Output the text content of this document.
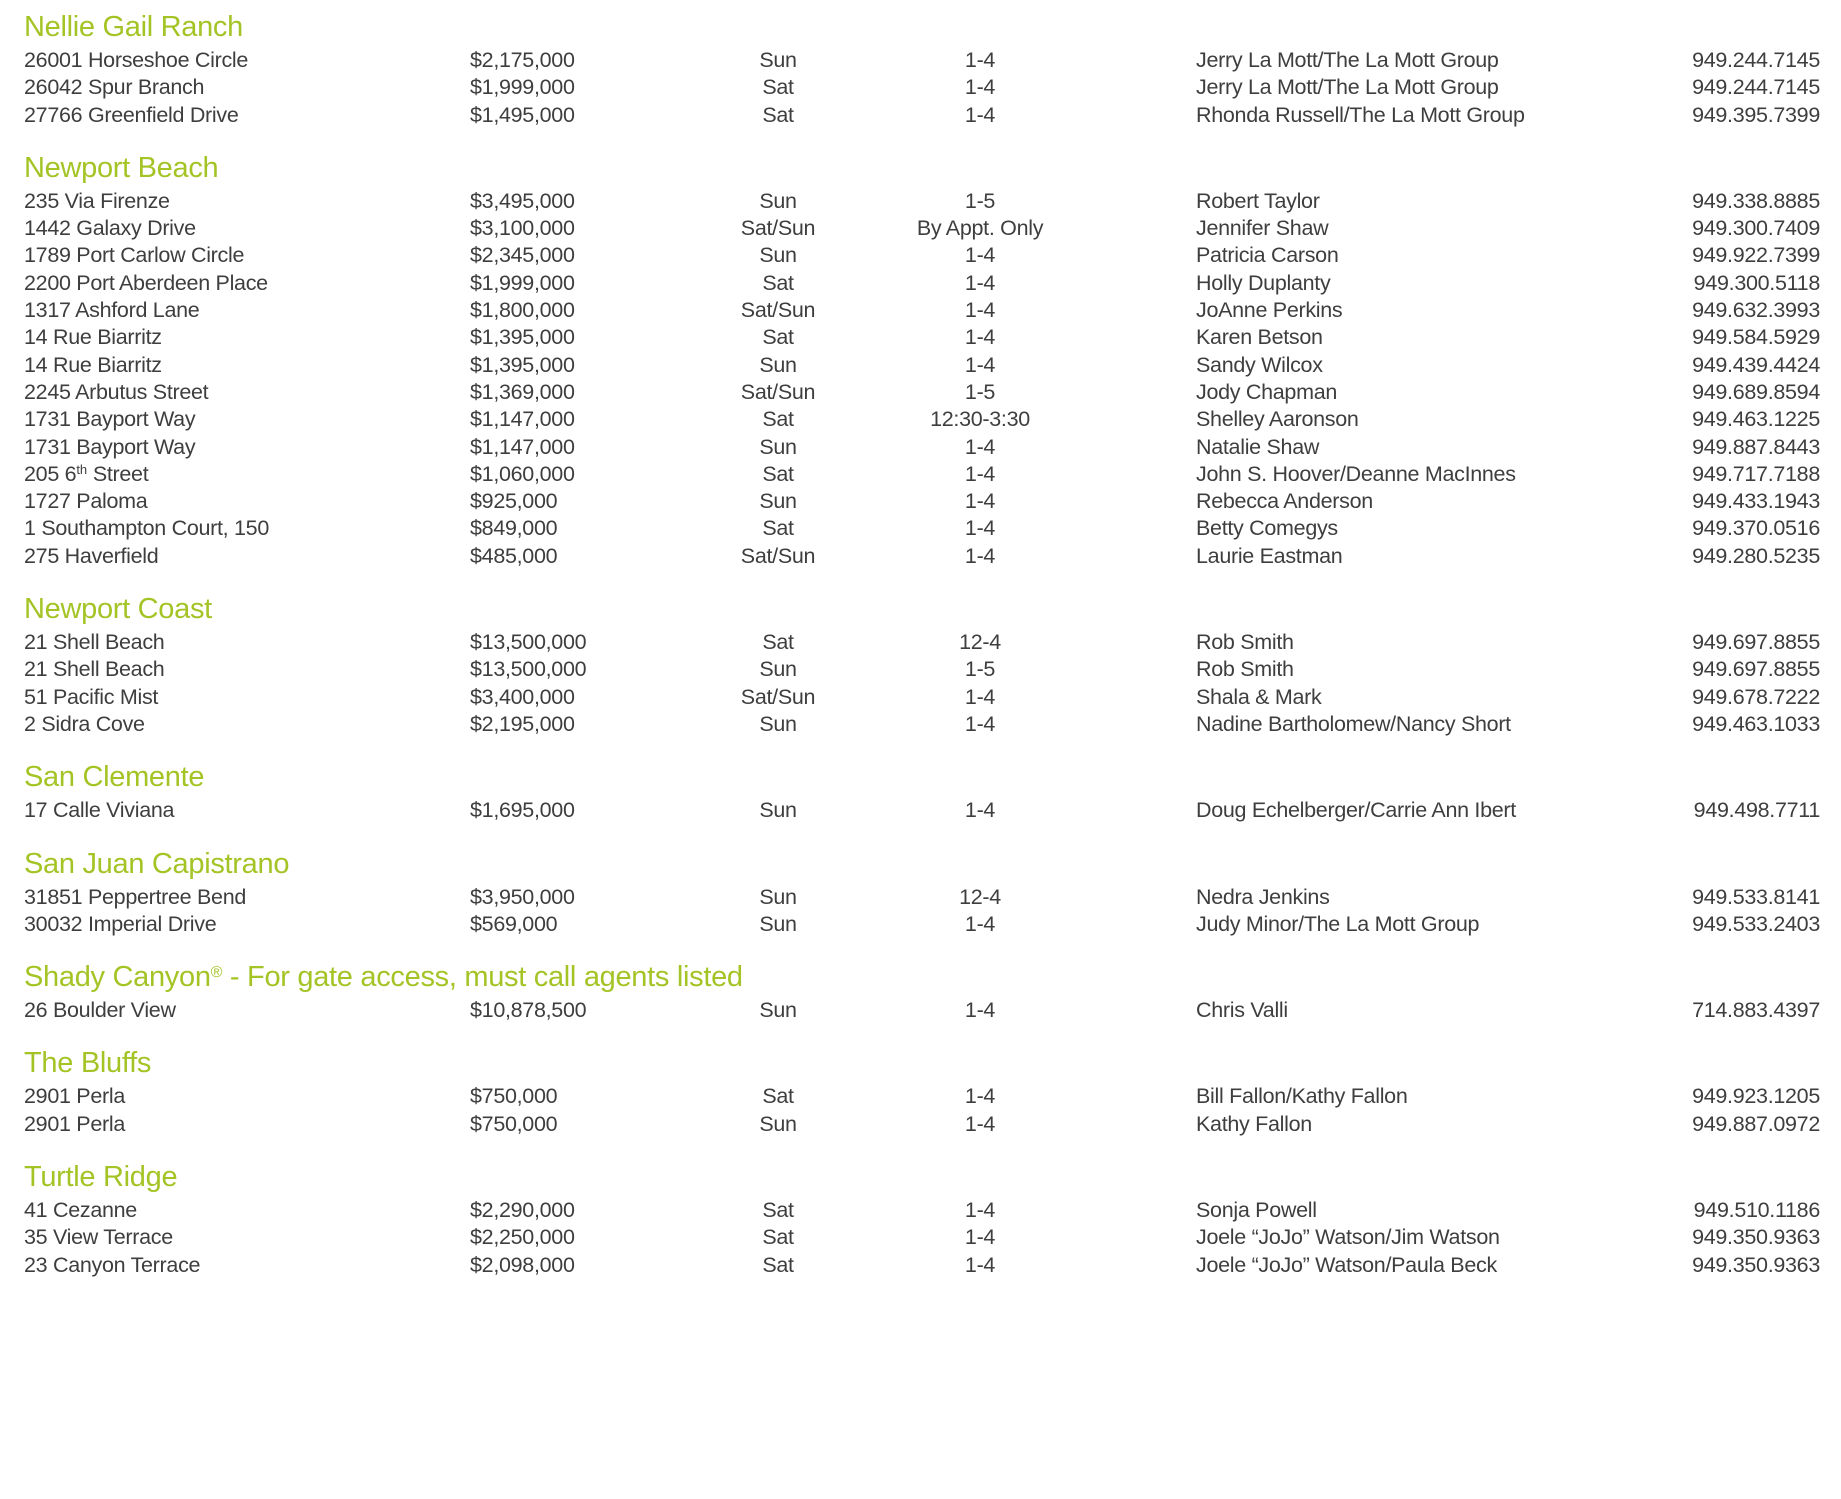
Nellie Gail Ranch
26001 Horseshoe Circle	$2,175,000	Sun	1-4	Jerry La Mott/The La Mott Group	949.244.7145
26042 Spur Branch	$1,999,000	Sat	1-4	Jerry La Mott/The La Mott Group	949.244.7145
27766 Greenfield Drive	$1,495,000	Sat	1-4	Rhonda Russell/The La Mott Group	949.395.7399
Newport Beach
235 Via Firenze	$3,495,000	Sun	1-5	Robert Taylor	949.338.8885
1442 Galaxy Drive	$3,100,000	Sat/Sun	By Appt. Only	Jennifer Shaw	949.300.7409
1789 Port Carlow Circle	$2,345,000	Sun	1-4	Patricia Carson	949.922.7399
2200 Port Aberdeen Place	$1,999,000	Sat	1-4	Holly Duplanty	949.300.5118
1317 Ashford Lane	$1,800,000	Sat/Sun	1-4	JoAnne Perkins	949.632.3993
14 Rue Biarritz	$1,395,000	Sat	1-4	Karen Betson	949.584.5929
14 Rue Biarritz	$1,395,000	Sun	1-4	Sandy Wilcox	949.439.4424
2245 Arbutus Street	$1,369,000	Sat/Sun	1-5	Jody Chapman	949.689.8594
1731 Bayport Way	$1,147,000	Sat	12:30-3:30	Shelley Aaronson	949.463.1225
1731 Bayport Way	$1,147,000	Sun	1-4	Natalie Shaw	949.887.8443
205 6th Street	$1,060,000	Sat	1-4	John S. Hoover/Deanne MacInnes	949.717.7188
1727 Paloma	$925,000	Sun	1-4	Rebecca Anderson	949.433.1943
1 Southampton Court, 150	$849,000	Sat	1-4	Betty Comegys	949.370.0516
275 Haverfield	$485,000	Sat/Sun	1-4	Laurie Eastman	949.280.5235
Newport Coast
21 Shell Beach	$13,500,000	Sat	12-4	Rob Smith	949.697.8855
21 Shell Beach	$13,500,000	Sun	1-5	Rob Smith	949.697.8855
51 Pacific Mist	$3,400,000	Sat/Sun	1-4	Shala & Mark	949.678.7222
2 Sidra Cove	$2,195,000	Sun	1-4	Nadine Bartholomew/Nancy Short	949.463.1033
San Clemente
17 Calle Viviana	$1,695,000	Sun	1-4	Doug Echelberger/Carrie Ann Ibert	949.498.7711
San Juan Capistrano
31851 Peppertree Bend	$3,950,000	Sun	12-4	Nedra Jenkins	949.533.8141
30032 Imperial Drive	$569,000	Sun	1-4	Judy Minor/The La Mott Group	949.533.2403
Shady Canyon® - For gate access, must call agents listed
26 Boulder View	$10,878,500	Sun	1-4	Chris Valli	714.883.4397
The Bluffs
2901 Perla	$750,000	Sat	1-4	Bill Fallon/Kathy Fallon	949.923.1205
2901 Perla	$750,000	Sun	1-4	Kathy Fallon	949.887.0972
Turtle Ridge
41 Cezanne	$2,290,000	Sat	1-4	Sonja Powell	949.510.1186
35 View Terrace	$2,250,000	Sat	1-4	Joele “JoJo” Watson/Jim Watson	949.350.9363
23 Canyon Terrace	$2,098,000	Sat	1-4	Joele “JoJo” Watson/Paula Beck	949.350.9363
